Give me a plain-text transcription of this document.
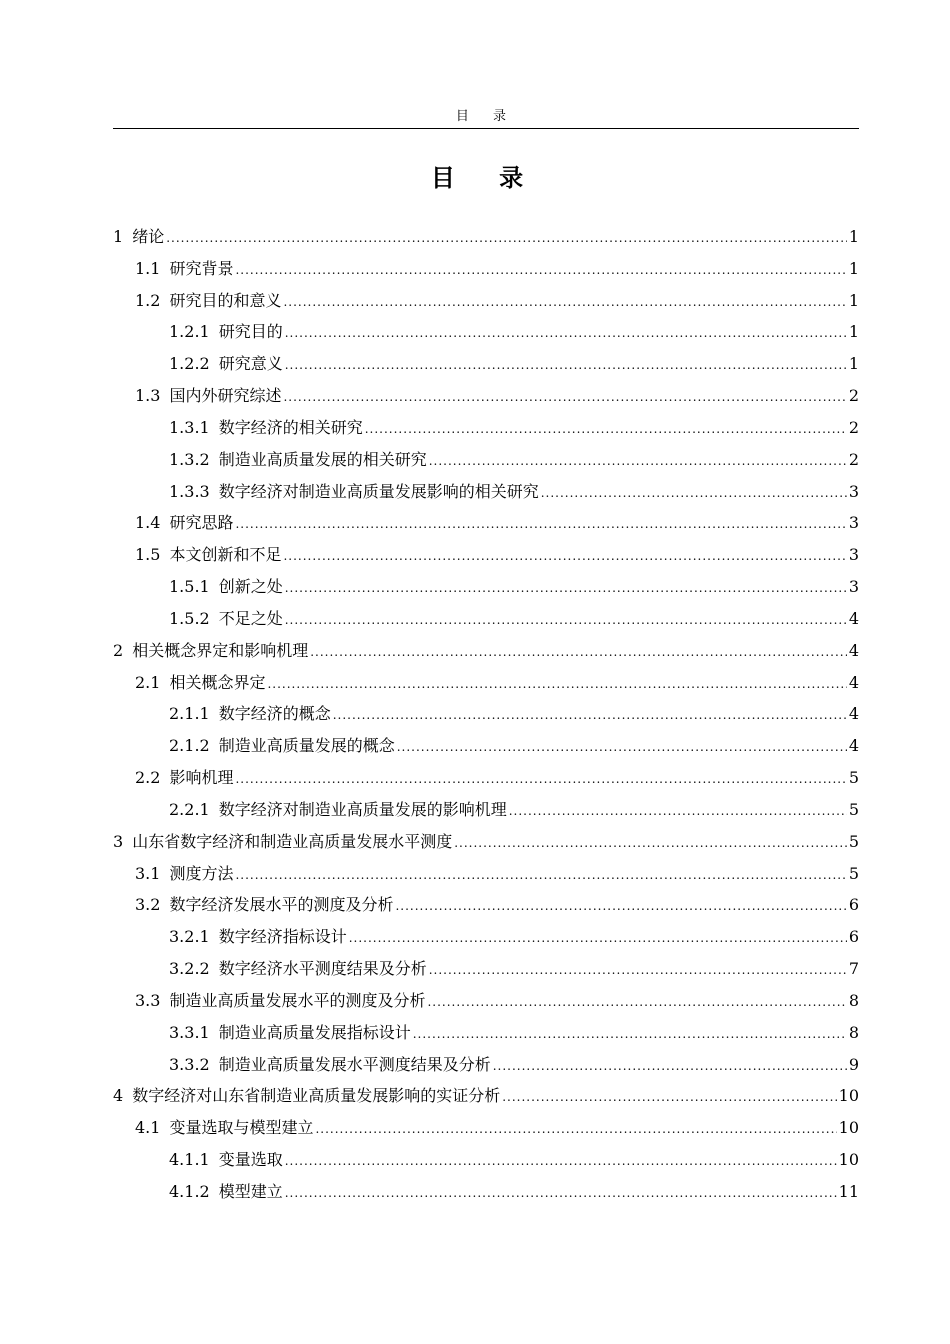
目 录
目 录
1 绪论 .....	1
1.1 研究背景 .....	1
1.2 研究目的和意义 .....	1
1.2.1 研究目的 .....	1
1.2.2 研究意义 .....	1
1.3 国内外研究综述 .....	2
1.3.1 数字经济的相关研究 .....	2
1.3.2 制造业高质量发展的相关研究 .....	2
1.3.3 数字经济对制造业高质量发展影响的相关研究 .....	3
1.4 研究思路 .....	3
1.5 本文创新和不足 .....	3
1.5.1 创新之处 .....	3
1.5.2 不足之处 .....	4
2 相关概念界定和影响机理 .....	4
2.1 相关概念界定 .....	4
2.1.1 数字经济的概念 .....	4
2.1.2 制造业高质量发展的概念 .....	4
2.2 影响机理 .....	5
2.2.1 数字经济对制造业高质量发展的影响机理 .....	5
3 山东省数字经济和制造业高质量发展水平测度 .....	5
3.1 测度方法 .....	5
3.2 数字经济发展水平的测度及分析 .....	6
3.2.1 数字经济指标设计 .....	6
3.2.2 数字经济水平测度结果及分析 .....	7
3.3 制造业高质量发展水平的测度及分析 .....	8
3.3.1 制造业高质量发展指标设计 .....	8
3.3.2 制造业高质量发展水平测度结果及分析 .....	9
4 数字经济对山东省制造业高质量发展影响的实证分析 .....	10
4.1 变量选取与模型建立 .....	10
4.1.1 变量选取 .....	10
4.1.2 模型建立 .....	11
